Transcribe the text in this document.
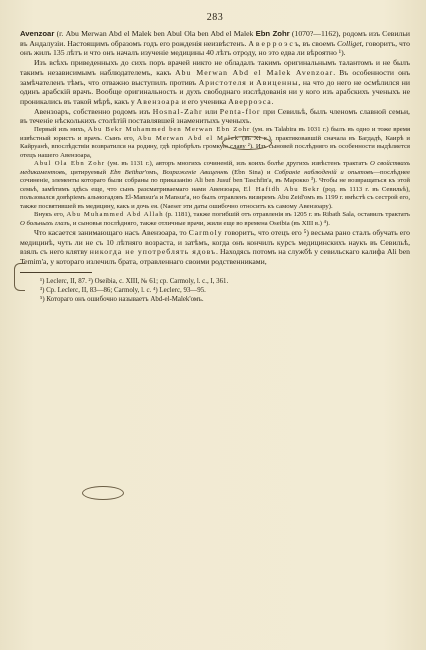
283

Avenzoar (г. Abu Merwan Abd el Malek ben Abul Ola ben Abd el Malek Ebn Zohr (1070?—1162), родомъ изъ Севильи въ Андалузіи. Настоящимъ образомъ годъ его рожденія неизвѣстенъ. А в е р р о э с ъ, въ своемъ Colliget, говоритъ, что онъ жилъ 135 лѣтъ и что онъ началъ изученіе медицины 40 лѣтъ отроду, но это едва ли вѣроятно ¹).

Изъ всѣхъ приведенныхъ до сихъ поръ врачей никто не обладалъ такимъ оригинальнымъ талантомъ и не былъ такимъ независимымъ наблюдателемъ, какъ Abu Merwan Abd el Malek Avenzoar. Въ особенности онъ замѣчателенъ тѣмъ, что отважно выступилъ противъ Аристотеля и Авиценны, на что до него не осмѣлился ни одинъ арабскій врачъ. Вообще оригинальность и духъ свободнаго изслѣдованія ни у кого изъ арабскихъ ученыхъ не проникались въ такой мѣрѣ, какъ у Авензоара и его ученика Аверроэса.

Авензоаръ, собственно родомъ изъ Hosnal-Zahr или Penta-flor при Севильѣ, былъ членомъ славной семьи, въ теченіе нѣсколькихъ столѣтій поставлявшей знаменитыхъ ученыхъ.

Первый изъ нихъ, Abu Bekr Muhammed ben Merwan Ebn Zohr (ум. въ Talabira въ 1031 г.) былъ въ одно и тоже время извѣстный юристъ и врачъ. Сынъ его, Abu Merwan Abd el Malek (въ XI в.), практиковавшій сначала въ Багдадѣ, Каирѣ и Кайруанѣ, впослѣдствіи возвратился на родину, гдѣ пріобрѣлъ громкую славу ²). Изъ сыновей послѣдняго въ особенности выдѣляется отецъ нашего Авензоара,

Abul Ola Ebn Zohr (ум. въ 1131 г.), авторъ многихъ сочиненій, изъ коихъ болѣе другихъ извѣстенъ трактатъ О свойствахъ медикаментовъ, цитируемый Ebn Beithar'омъ, Возраженіе Авиценнѣ (Ebn Sina) и Собраніе наблюденій и опытовъ—послѣднее сочиненіе, элементы котораго были собраны по приказанію Ali ben Jusuf ben Taschfin'а, въ Марокко ³). Чтобы не возвращаться къ этой семьѣ, замѣтимъ здѣсь еще, что сынъ разсматриваемаго нами Авензоара, El Hafidh Abu Bekr (род. въ 1113 г. въ Севильѣ), пользовался довѣріемъ альмогадовъ El-Mansur'а и Mansur'а, но былъ отравленъ визиремъ Abu Zeid'омъ въ 1199 г. вмѣстѣ съ сестрой его, также посвятившей въ медицину, какъ и дочь ея. (Naeser эти даты ошибочно относитъ къ самому Авензоару).

Внукъ его, Abu Muhammed Abd Allah (р. 1181), также погибшій отъ отравленія въ 1205 г. въ Ribath Sala, оставилъ трактатъ О больныхъ глазъ, и сыновья послѣдняго, также отличные врачи, жили еще во времена Oseibia (въ XIII в.) ⁴).

Что касается занимающаго насъ Авензоара, то Carmoly говоритъ, что отецъ его ⁵) весьма рано сталъ обучать его медицинѣ, чуть ли не съ 10 лѣтняго возраста, и затѣмъ, когда онъ кончилъ курсъ медицинскихъ наукъ въ Севильѣ, взялъ съ него клятву никогда не употреблять ядовъ. Находясь потомъ на службѣ у севильскаго калифа Ali ben Temim'а, у котораго излечилъ брата, отравленнаго своими родственниками,

¹) Leclerc, II, 87. ²) Oseibia, с. XIII, № 61; ср. Carmoly, l. c., I, 361.

³) Ср. Leclerc, II, 83—86; Carmoly, l. c. ⁴) Leclerc, 93—95.

⁵) Котораго онъ ошибочно называетъ Abd-el-Malek'омъ.
